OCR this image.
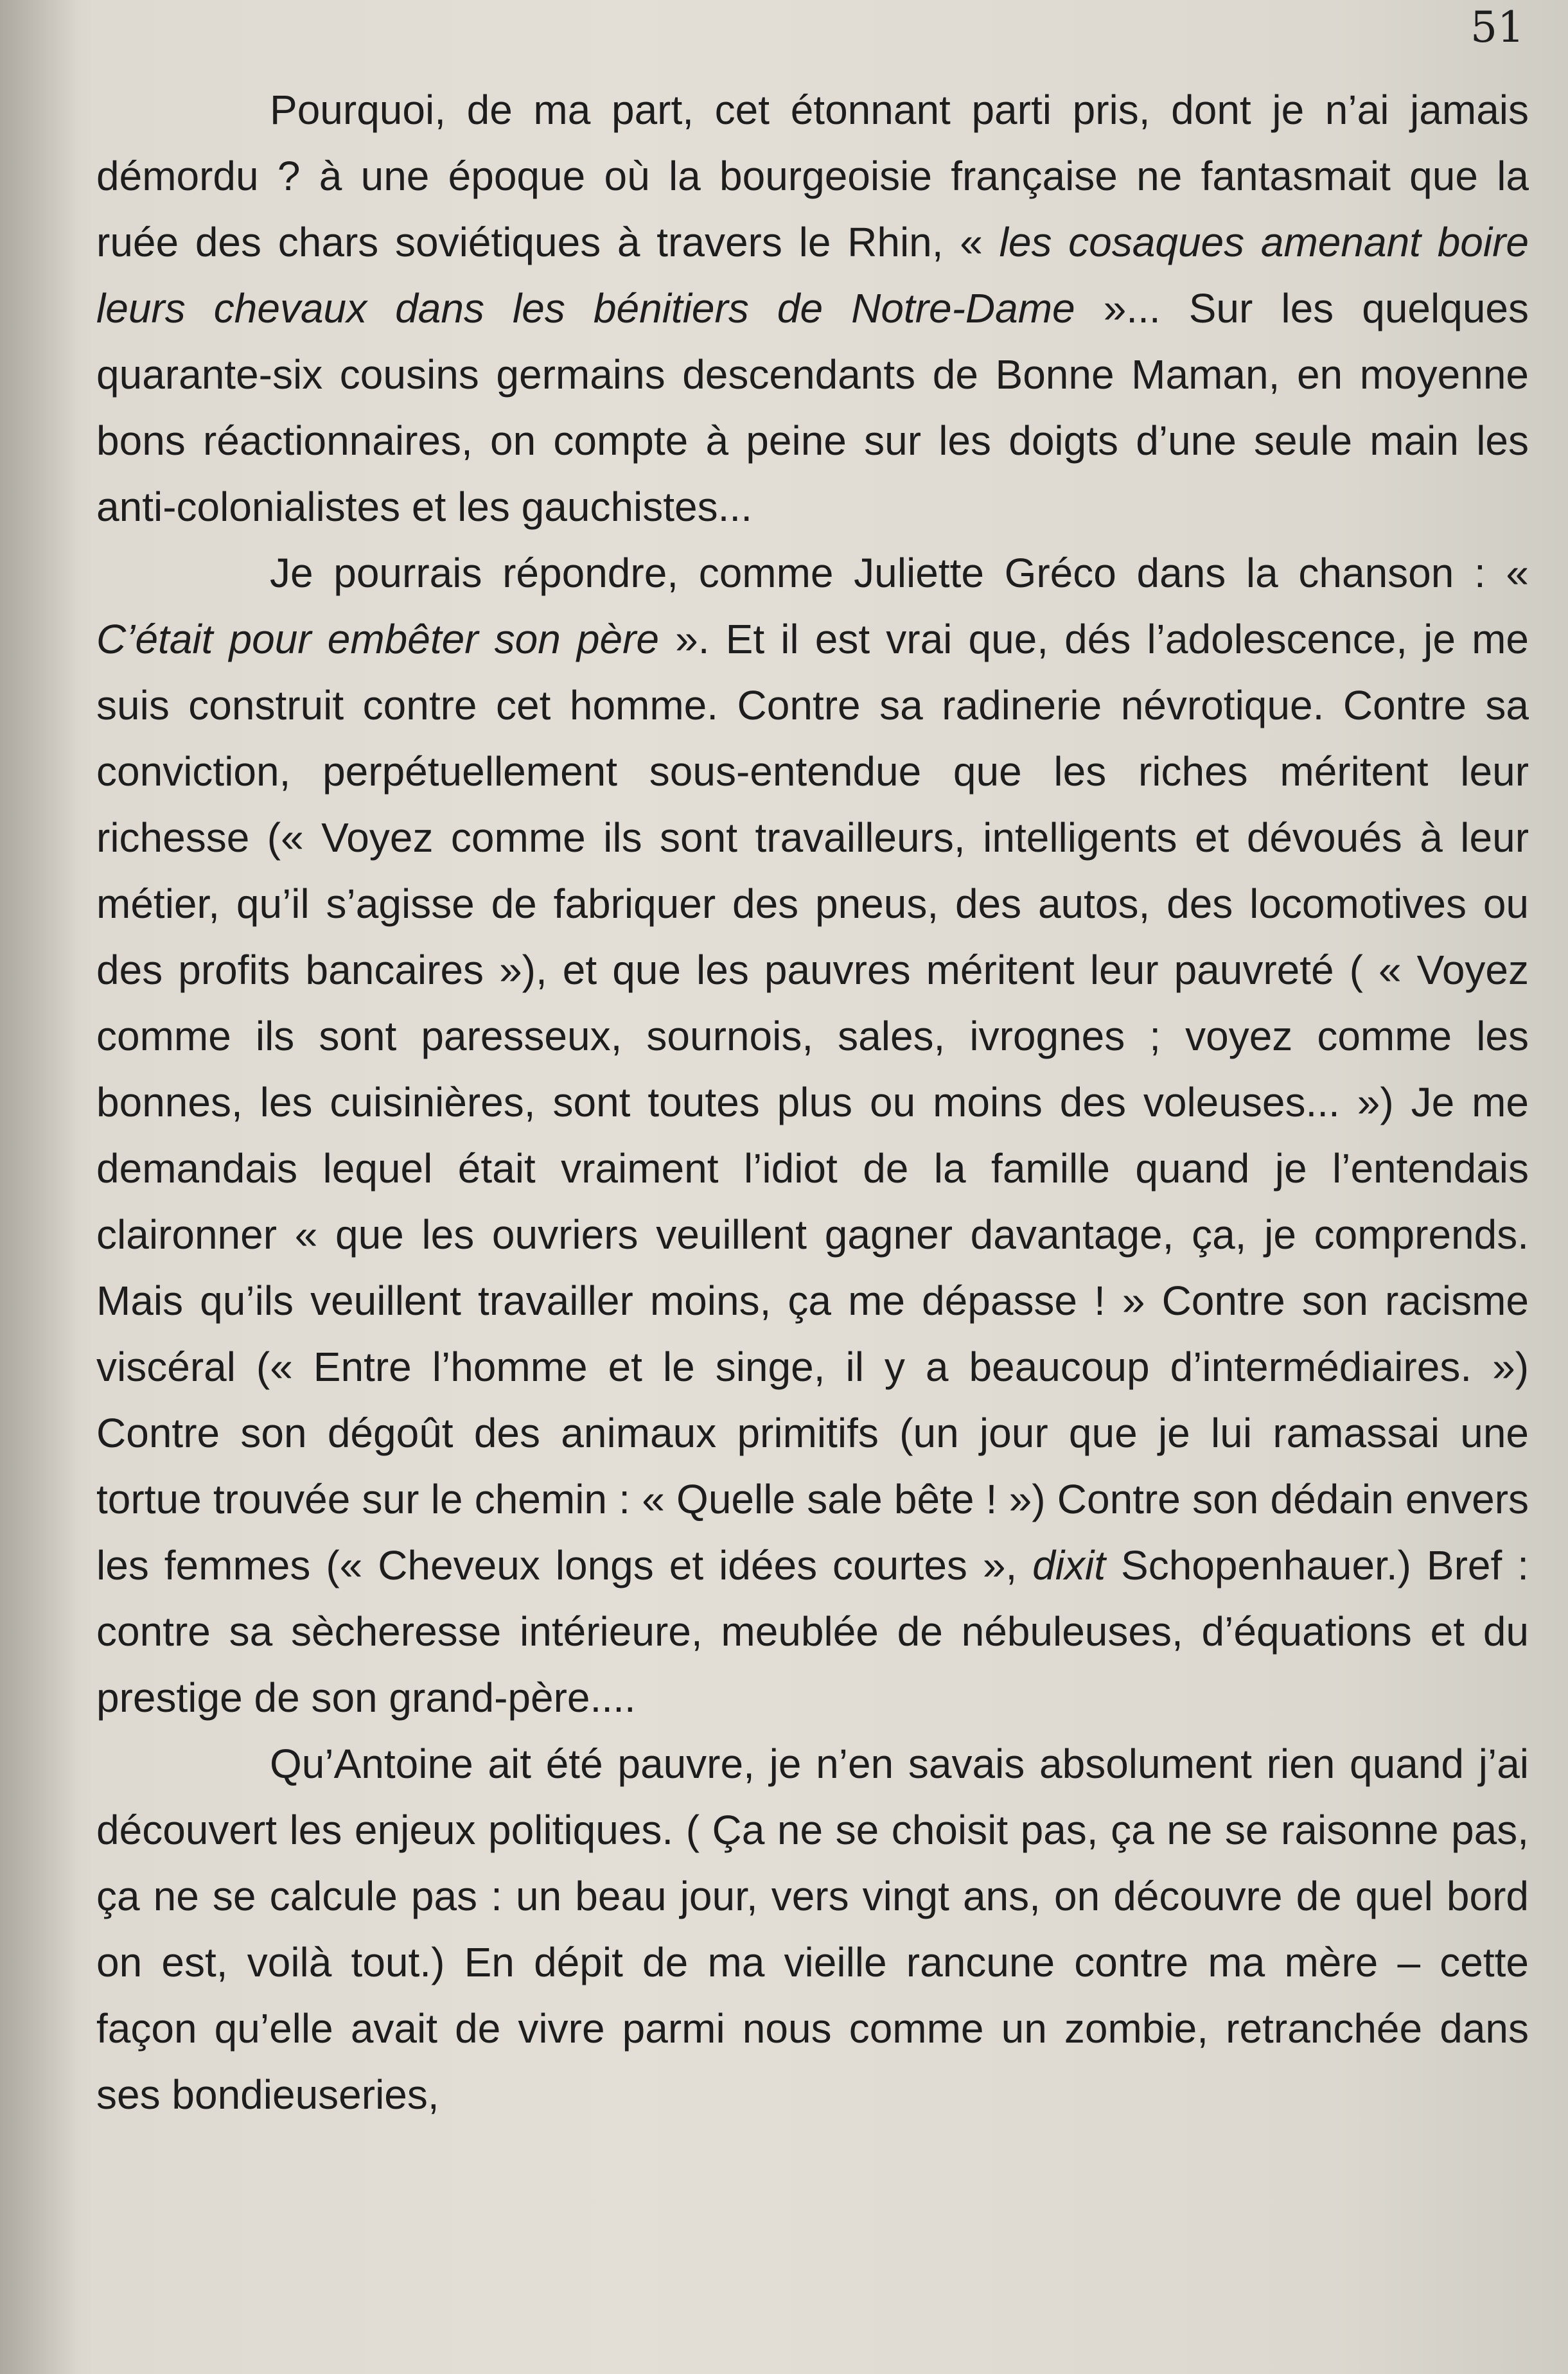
51

Pourquoi, de ma part, cet étonnant parti pris, dont je n’ai jamais démordu ? à une époque où la bourgeoisie française ne fantasmait que la ruée des chars soviétiques à travers le Rhin, « les cosaques amenant boire leurs chevaux dans les bénitiers de Notre-Dame »... Sur les quelques quarante-six cousins germains descendants de Bonne Maman, en moyenne bons réactionnaires, on compte à peine sur les doigts d’une seule main les anti-colonialistes et les gauchistes...

Je pourrais répondre, comme Juliette Gréco dans la chanson : « C’était pour embêter son père ». Et il est vrai que, dés l’adolescence, je me suis construit contre cet homme. Contre sa radinerie névrotique. Contre sa conviction, perpétuellement sous-entendue que les riches méritent leur richesse (« Voyez comme ils sont travailleurs, intelligents et dévoués à leur métier, qu’il s’agisse de fabriquer des pneus, des autos, des locomotives ou des profits bancaires »), et que les pauvres méritent leur pauvreté ( « Voyez comme ils sont paresseux, sournois, sales, ivrognes ; voyez comme les bonnes, les cuisinières, sont toutes plus ou moins des voleuses... ») Je me demandais lequel était vraiment l’idiot de la famille quand je l’entendais claironner « que les ouvriers veuillent gagner davantage, ça, je comprends. Mais qu’ils veuillent travailler moins, ça me dépasse ! » Contre son racisme viscéral (« Entre l’homme et le singe, il y a beaucoup d’intermédiaires. ») Contre son dégoût des animaux primitifs (un jour que je lui ramassai une tortue trouvée sur le chemin : « Quelle sale bête ! ») Contre son dédain envers les femmes (« Cheveux longs et idées courtes », dixit Schopenhauer.) Bref : contre sa sècheresse intérieure, meublée de nébuleuses, d’équations et du prestige de son grand-père....

Qu’Antoine ait été pauvre, je n’en savais absolument rien quand j’ai découvert les enjeux politiques. ( Ça ne se choisit pas, ça ne se raisonne pas, ça ne se calcule pas : un beau jour, vers vingt ans, on découvre de quel bord on est, voilà tout.) En dépit de ma vieille rancune contre ma mère – cette façon qu’elle avait de vivre parmi nous comme un zombie, retranchée dans ses bondieuseries,
